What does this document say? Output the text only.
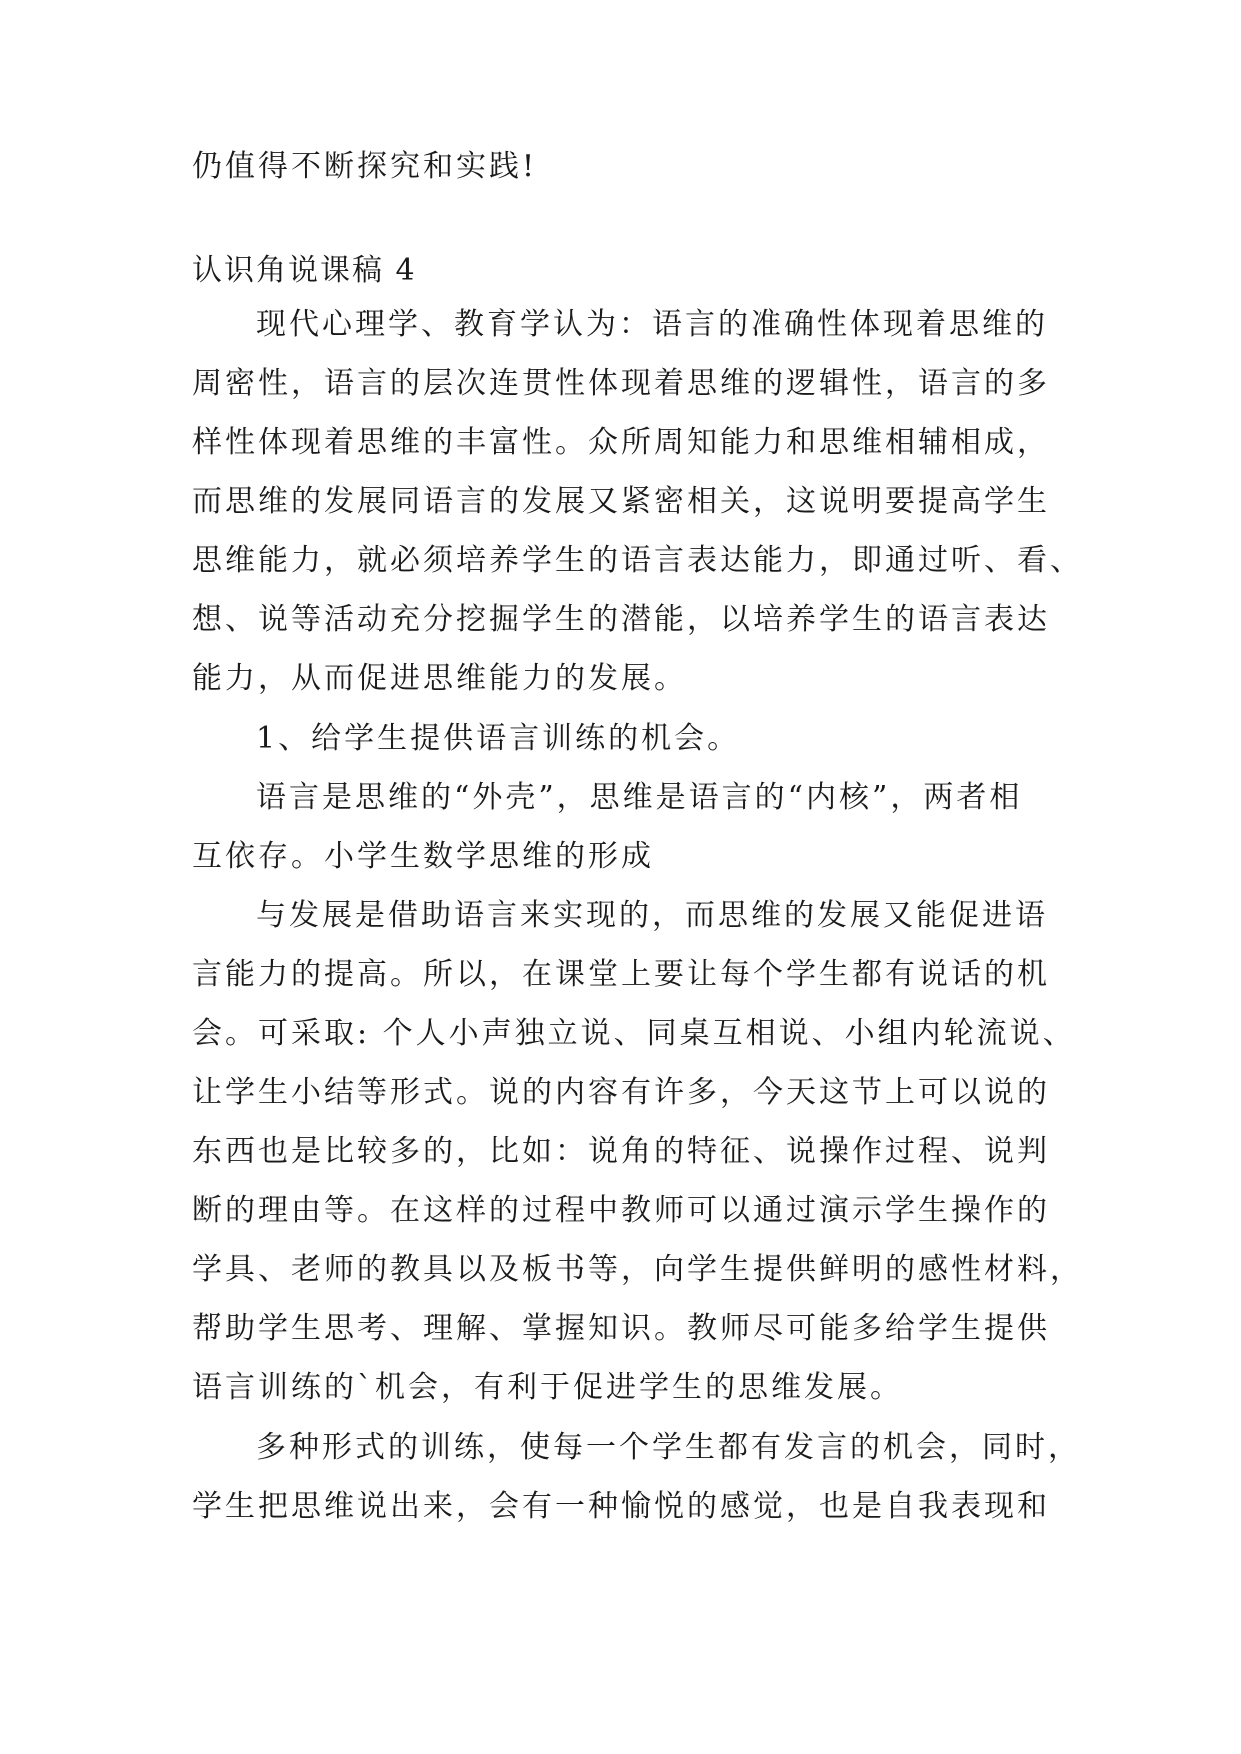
仍值得不断探究和实践!
认识角说课稿 4
现代心理学、教育学认为：语言的准确性体现着思维的
周密性，语言的层次连贯性体现着思维的逻辑性，语言的多
样性体现着思维的丰富性。众所周知能力和思维相辅相成，
而思维的发展同语言的发展又紧密相关，这说明要提高学生
思维能力，就必须培养学生的语言表达能力，即通过听、看、
想、说等活动充分挖掘学生的潜能，以培养学生的语言表达
能力，从而促进思维能力的发展。
1、给学生提供语言训练的机会。
语言是思维的“外壳”，思维是语言的“内核”，两者相
互依存。小学生数学思维的形成
与发展是借助语言来实现的，而思维的发展又能促进语
言能力的提高。所以，在课堂上要让每个学生都有说话的机
会。可采取: 个人小声独立说、同桌互相说、小组内轮流说、
让学生小结等形式。说的内容有许多，今天这节上可以说的
东西也是比较多的，比如：说角的特征、说操作过程、说判
断的理由等。在这样的过程中教师可以通过演示学生操作的
学具、老师的教具以及板书等，向学生提供鲜明的感性材料，
帮助学生思考、理解、掌握知识。教师尽可能多给学生提供
语言训练的`机会，有利于促进学生的思维发展。
多种形式的训练，使每一个学生都有发言的机会，同时，
学生把思维说出来，会有一种愉悦的感觉，也是自我表现和
